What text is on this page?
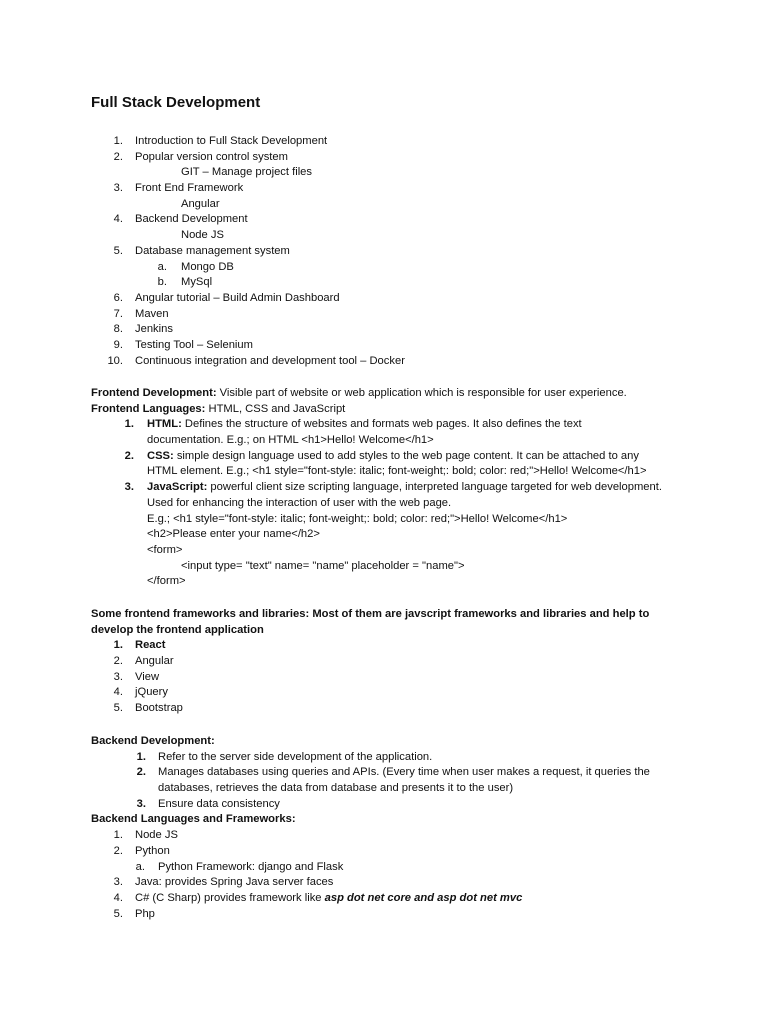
Full Stack Development
1. Introduction to Full Stack Development
2. Popular version control system
GIT – Manage project files
3. Front End Framework
Angular
4. Backend Development
Node JS
5. Database management system
a. Mongo DB
b. MySql
6. Angular tutorial – Build Admin Dashboard
7. Maven
8. Jenkins
9. Testing Tool – Selenium
10. Continuous integration and development tool – Docker
Frontend Development: Visible part of website or web application which is responsible for user experience.
Frontend Languages: HTML, CSS and JavaScript
1. HTML: Defines the structure of websites and formats web pages. It also defines the text
documentation. E.g.; on HTML <h1>Hello! Welcome</h1>
2. CSS: simple design language used to add styles to the web page content. It can be attached to any
HTML element. E.g.; <h1 style="font-style: italic; font-weight;: bold; color: red;">Hello! Welcome</h1>
3. JavaScript: powerful client size scripting language, interpreted language targeted for web development.
Used for enhancing the interaction of user with the web page.
E.g.; <h1 style="font-style: italic; font-weight;: bold; color: red;">Hello! Welcome</h1>
<h2>Please enter your name</h2>
<form>
<input type= "text" name= "name" placeholder = "name">
</form>
Some frontend frameworks and libraries: Most of them are javscript frameworks and libraries and help to
develop the frontend application
1. React
2. Angular
3. View
4. jQuery
5. Bootstrap
Backend Development:
1. Refer to the server side development of the application.
2. Manages databases using queries and APIs. (Every time when user makes a request, it queries the
databases, retrieves the data from database and presents it to the user)
3. Ensure data consistency
Backend Languages and Frameworks:
1. Node JS
2. Python
a. Python Framework: django and Flask
3. Java: provides Spring Java server faces
4. C# (C Sharp) provides framework like asp dot net core and asp dot net mvc
5. Php
